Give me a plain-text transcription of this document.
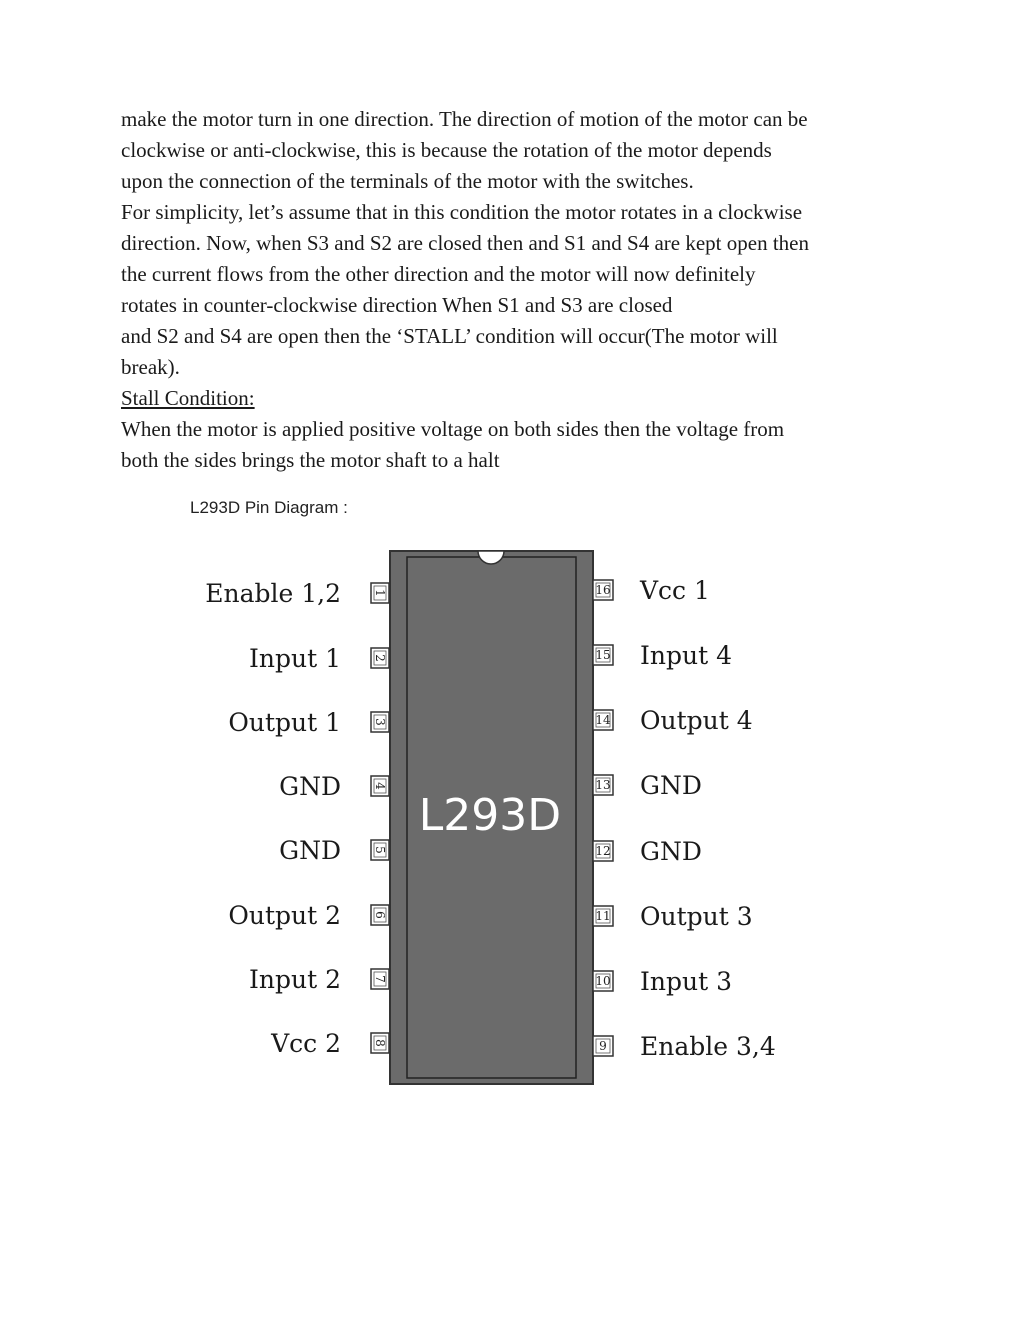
make the motor turn in one direction. The direction of motion of the motor can be
clockwise or anti-clockwise, this is because the rotation of the motor depends
upon the connection of the terminals of the motor with the switches.
For simplicity, let’s assume that in this condition the motor rotates in a clockwise
direction. Now, when S3 and S2 are closed then and S1 and S4 are kept open then
the current flows from the other direction and the motor will now definitely
rotates in counter-clockwise direction When S1 and S3 are closed
and S2 and S4 are open then the ‘STALL’ condition will occur(The motor will
break).
Stall Condition:
When the motor is applied positive voltage on both sides then the voltage from
both the sides brings the motor shaft to a halt
L293D Pin Diagram :
L293D
1
Enable 1,2
2
Input 1
3
Output 1
4
GND
5
GND
6
Output 2
7
Input 2
8
Vcc 2
16 Vcc 1
15 Input 4
14 Output 4
13 GND
12 GND
11 Output 3
10 Input 3
9 Enable 3,4
